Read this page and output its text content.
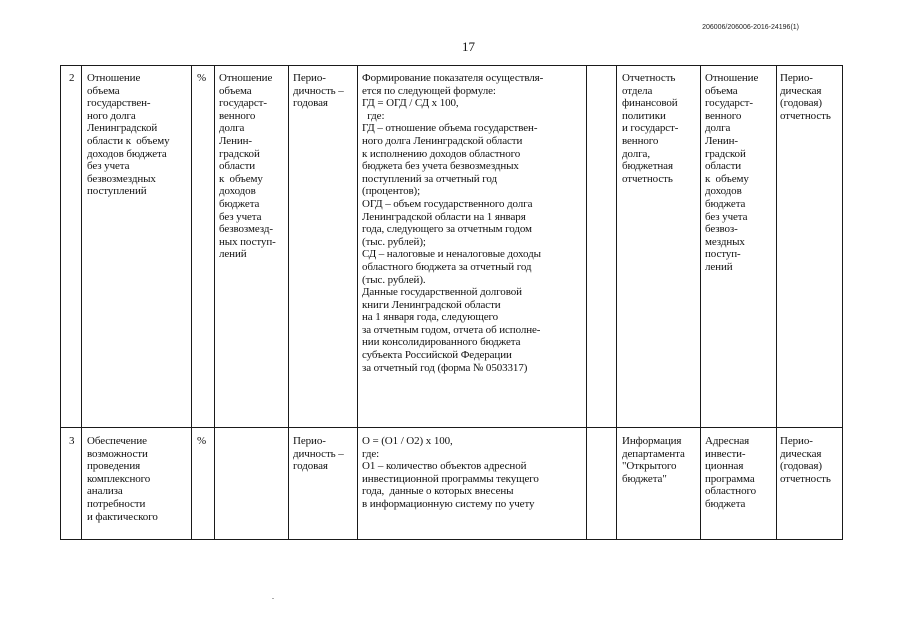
206006/206006-2016-24196(1)
17
2 Отношение
объема
государствен-
ного долга
Ленинградской
области к  объему
доходов бюджета
без учета
безвозмездных
поступлений
% Отношение
объема
государст-
венного
долга
Ленин-
градской
области
к  объему
доходов
бюджета
без учета
безвозмезд-
ных поступ-
лений
Перио-
дичность –
годовая
Формирование показателя осуществля-
ется по следующей формуле:
ГД = ОГД / СД х 100,
где:
ГД – отношение объема государствен-
ного долга Ленинградской области
к исполнению доходов областного
бюджета без учета безвозмездных
поступлений за отчетный год
(процентов);
ОГД – объем государственного долга
Ленинградской области на 1 января
года, следующего за отчетным годом
(тыс. рублей);
СД – налоговые и неналоговые доходы
областного бюджета за отчетный год
(тыс. рублей).
Данные государственной долговой
книги Ленинградской области
на 1 января года, следующего
за отчетным годом, отчета об исполне-
нии консолидированного бюджета
субъекта Российской Федерации
за отчетный год (форма № 0503317)
Отчетность
отдела
финансовой
политики
и государст-
венного
долга,
бюджетная
отчетность
Отношение
объема
государст-
венного
долга
Ленин-
градской
области
к  объему
доходов
бюджета
без учета
безвоз-
мездных
поступ-
лений
Перио-
дическая
(годовая)
отчетность
3 Обеспечение
возможности
проведения
комплексного
анализа
потребности
и фактического
%	Перио-
дичность –
годовая
О = (О1 / О2) х 100,
где:
О1 – количество объектов адресной
инвестиционной программы текущего
года,  данные о которых внесены
в информационную систему по учету
Информация
департамента
"Открытого
бюджета"
Адресная
инвести-
ционная
программа
областного
бюджета
Перио-
дическая
(годовая)
отчетность
